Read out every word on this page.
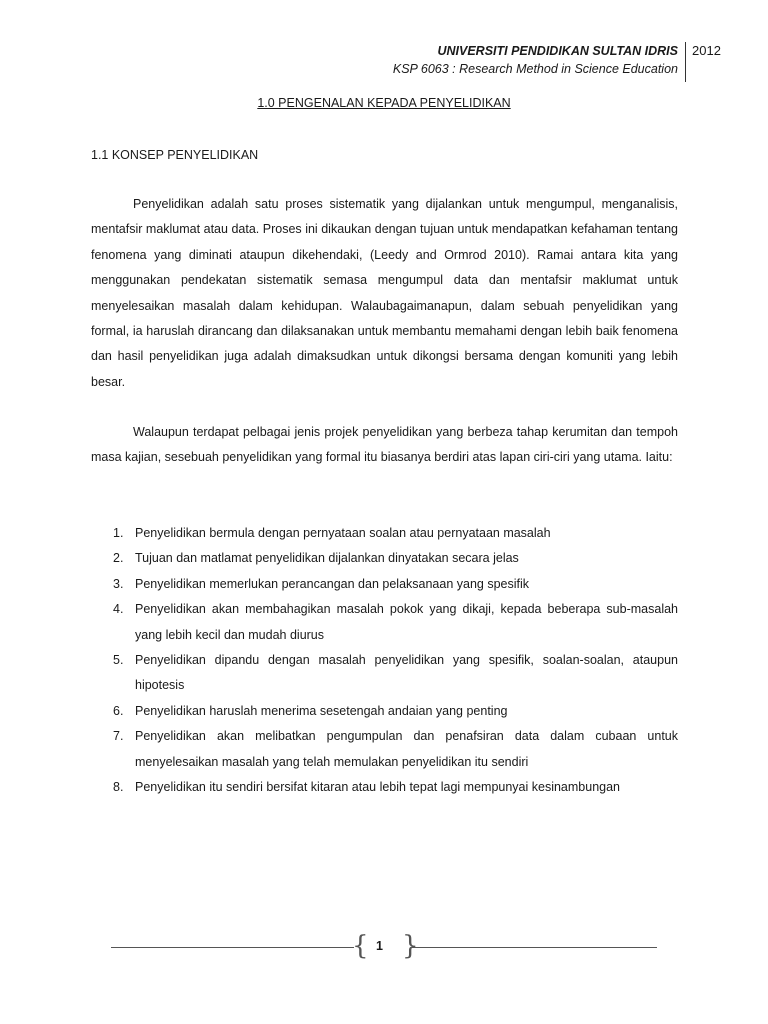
UNIVERSITI PENDIDIKAN SULTAN IDRIS
KSP 6063 : Research Method in Science Education
2012
1.0 PENGENALAN KEPADA PENYELIDIKAN
1.1 KONSEP PENYELIDIKAN

Penyelidikan adalah satu proses sistematik yang dijalankan untuk mengumpul, menganalisis, mentafsir maklumat atau data. Proses ini dikaukan dengan tujuan untuk mendapatkan kefahaman tentang fenomena yang diminati ataupun dikehendaki, (Leedy and Ormrod 2010). Ramai antara kita yang menggunakan pendekatan sistematik semasa mengumpul data dan mentafsir maklumat untuk menyelesaikan masalah dalam kehidupan. Walaubagaimanapun, dalam sebuah penyelidikan yang formal, ia haruslah dirancang dan dilaksanakan untuk membantu memahami dengan lebih baik fenomena dan hasil penyelidikan juga adalah dimaksudkan untuk dikongsi bersama dengan komuniti yang lebih besar.

Walaupun terdapat pelbagai jenis projek penyelidikan yang berbeza tahap kerumitan dan tempoh masa kajian, sesebuah penyelidikan yang formal itu biasanya berdiri atas lapan ciri-ciri yang utama. Iaitu:

1. Penyelidikan bermula dengan pernyataan soalan atau pernyataan masalah
2. Tujuan dan matlamat penyelidikan dijalankan dinyatakan secara jelas
3. Penyelidikan memerlukan perancangan dan pelaksanaan yang spesifik
4. Penyelidikan akan membahagikan masalah pokok yang dikaji, kepada beberapa sub-masalah yang lebih kecil dan mudah diurus
5. Penyelidikan dipandu dengan masalah penyelidikan yang spesifik, soalan-soalan, ataupun hipotesis
6. Penyelidikan haruslah menerima sesetengah andaian yang penting
7. Penyelidikan akan melibatkan pengumpulan dan penafsiran data dalam cubaan untuk menyelesaikan masalah yang telah memulakan penyelidikan itu sendiri
8. Penyelidikan itu sendiri bersifat kitaran atau lebih tepat lagi mempunyai kesinambungan
{ }
1
